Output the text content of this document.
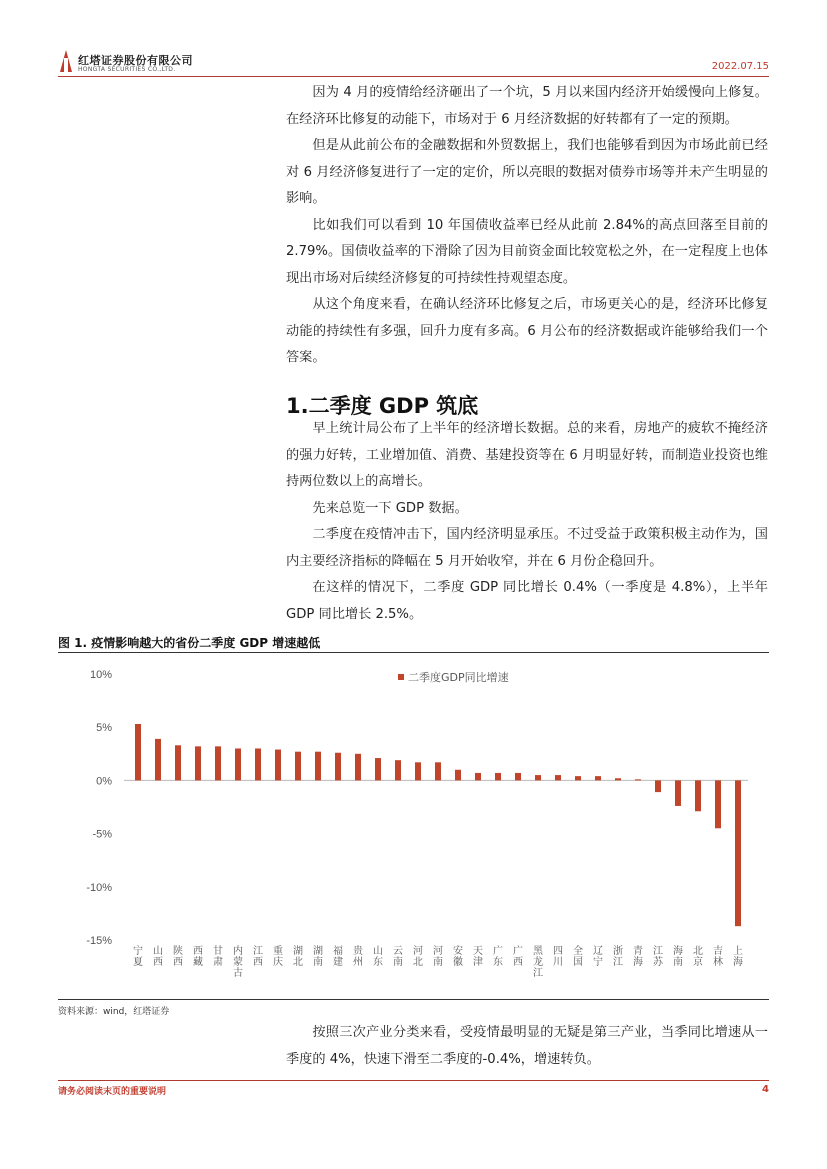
红塔证券股份有限公司
HONGTA SECURITIES CO.,LTD.	2022.07.15

因为 4 月的疫情给经济砸出了一个坑，5 月以来国内经济开始缓慢向上修复。在经济环比修复的动能下，市场对于 6 月经济数据的好转都有了一定的预期。

但是从此前公布的金融数据和外贸数据上，我们也能够看到因为市场此前已经对 6 月经济修复进行了一定的定价，所以亮眼的数据对债券市场等并未产生明显的影响。

比如我们可以看到 10 年国债收益率已经从此前 2.84%的高点回落至目前的 2.79%。国债收益率的下滑除了因为目前资金面比较宽松之外，在一定程度上也体现出市场对后续经济修复的可持续性持观望态度。

从这个角度来看，在确认经济环比修复之后，市场更关心的是，经济环比修复动能的持续性有多强，回升力度有多高。6 月公布的经济数据或许能够给我们一个答案。

1.二季度 GDP 筑底

早上统计局公布了上半年的经济增长数据。总的来看，房地产的疲软不掩经济的强力好转，工业增加值、消费、基建投资等在 6 月明显好转，而制造业投资也维持两位数以上的高增长。

先来总览一下 GDP 数据。

二季度在疫情冲击下，国内经济明显承压。不过受益于政策积极主动作为，国内主要经济指标的降幅在 5 月开始收窄，并在 6 月份企稳回升。

在这样的情况下，二季度 GDP 同比增长 0.4%（一季度是 4.8%），上半年 GDP 同比增长 2.5%。

图 1. 疫情影响越大的省份二季度 GDP 增速越低
10%
5%
0%
-5%
-10%
-15%
宁夏
山西
陕西
西藏
甘肃
内蒙古
江西
重庆
湖北
湖南
福建
贵州
山东
云南
河北
河南
安徽
天津
广东
广西
黑龙江
四川
全国
辽宁
浙江
青海
江苏
海南
北京
吉林
上海
二季度GDP同比增速
资料来源：wind，红塔证券

按照三次产业分类来看，受疫情最明显的无疑是第三产业，当季同比增速从一季度的 4%，快速下滑至二季度的-0.4%，增速转负。

请务必阅读末页的重要说明	4
